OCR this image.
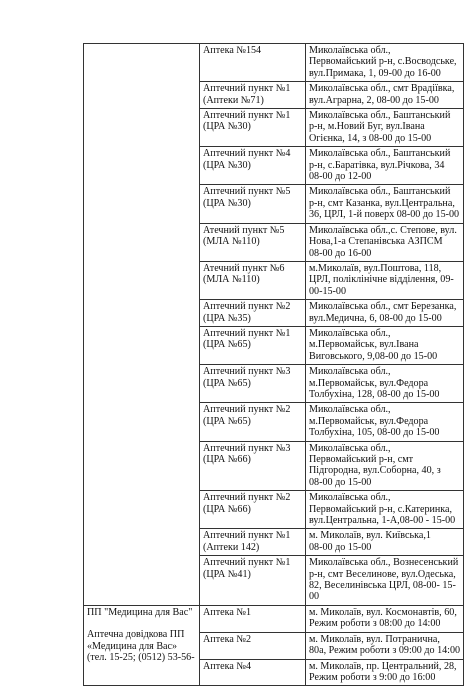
	Аптека №154	Миколаївська обл.,
Первомайський р-н, с.Восводське,
вул.Примака, 1, 09-00 до 16-00

	Аптечний пункт №1
(Аптеки №71)	Миколаївська обл., смт Врадіївка,
вул.Аграрна, 2, 08-00 до 15-00

	Аптечний пункт №1
(ЦРА №30)	Миколаївська обл., Баштанський
р-н, м.Новий Буг, вул.Івана
Огієнка, 14, з 08-00 до 15-00

	Аптечний пункт №4
(ЦРА №30)	Миколаївська обл., Баштанський
р-н, с.Баратівка, вул.Річкова, 34
08-00 до 12-00

	Аптечний пункт №5
(ЦРА №30)	Миколаївська обл., Баштанський
р-н, смт Казанка, вул.Центральна,
36, ЦРЛ, 1-й поверх 08-00 до 15-00

	Атечний пункт №5
(МЛА №110)	Миколаївська обл.,с. Степове, вул.
Нова,1-а Степанівська АЗПСМ
08-00 до 16-00

	Атечний пункт №6
(МЛА №110)	м.Миколаїв, вул.Поштова, 118,
ЦРЛ, поліклінічне відділення, 09-
00-15-00

	Аптечний пункт №2
(ЦРА №35)	Миколаївська обл., смт Березанка,
вул.Медична, 6, 08-00 до 15-00

	Аптечний пункт №1
(ЦРА №65)	Миколаївська обл.,
м.Первомайськ, вул.Івана
Виговського, 9,08-00 до 15-00

	Аптечний пункт №3
(ЦРА №65)	Миколаївська обл.,
м.Первомайськ, вул.Федора
Толбухіна, 128, 08-00 до 15-00

	Аптечний пункт №2
(ЦРА №65)	Миколаївська обл.,
м.Первомайськ, вул.Федора
Толбухіна, 105, 08-00 до 15-00

	Аптечний пункт №3
(ЦРА №66)	Миколаївська обл.,
Первомайський р-н, смт
Підгородна, вул.Соборна, 40, з
08-00 до 15-00

	Аптечний пункт №2
(ЦРА №66)	Миколаївська обл.,
Первомайський р-н, с.Катеринка,
вул.Центральна, 1-А,08-00 - 15-00

	Аптечний пункт №1
(Аптеки 142)	м. Миколаїв, вул. Київська,1
08-00 до 15-00

	Аптечний пункт №1
(ЦРА №41)	Миколаївська обл., Вознесенський
р-н, смт Веселинове, вул.Одеська,
82, Веселинівська ЦРЛ, 08-00- 15-
00

ПП "Медицина для Вас"
Аптечна довідкова ПП
«Медицина для Вас»
(тел. 15-25; (0512) 53-56-	Аптека №1	м. Миколаїв, вул. Космонавтів, 60,
Режим роботи з 08:00 до 14:00

	Аптека №2	м. Миколаїв, вул. Потранична,
80а, Режим роботи з 09:00 до 14:00

	Аптека №4	м. Миколаїв, пр. Центральний, 28,
Режим роботи з 9:00 до 16:00
